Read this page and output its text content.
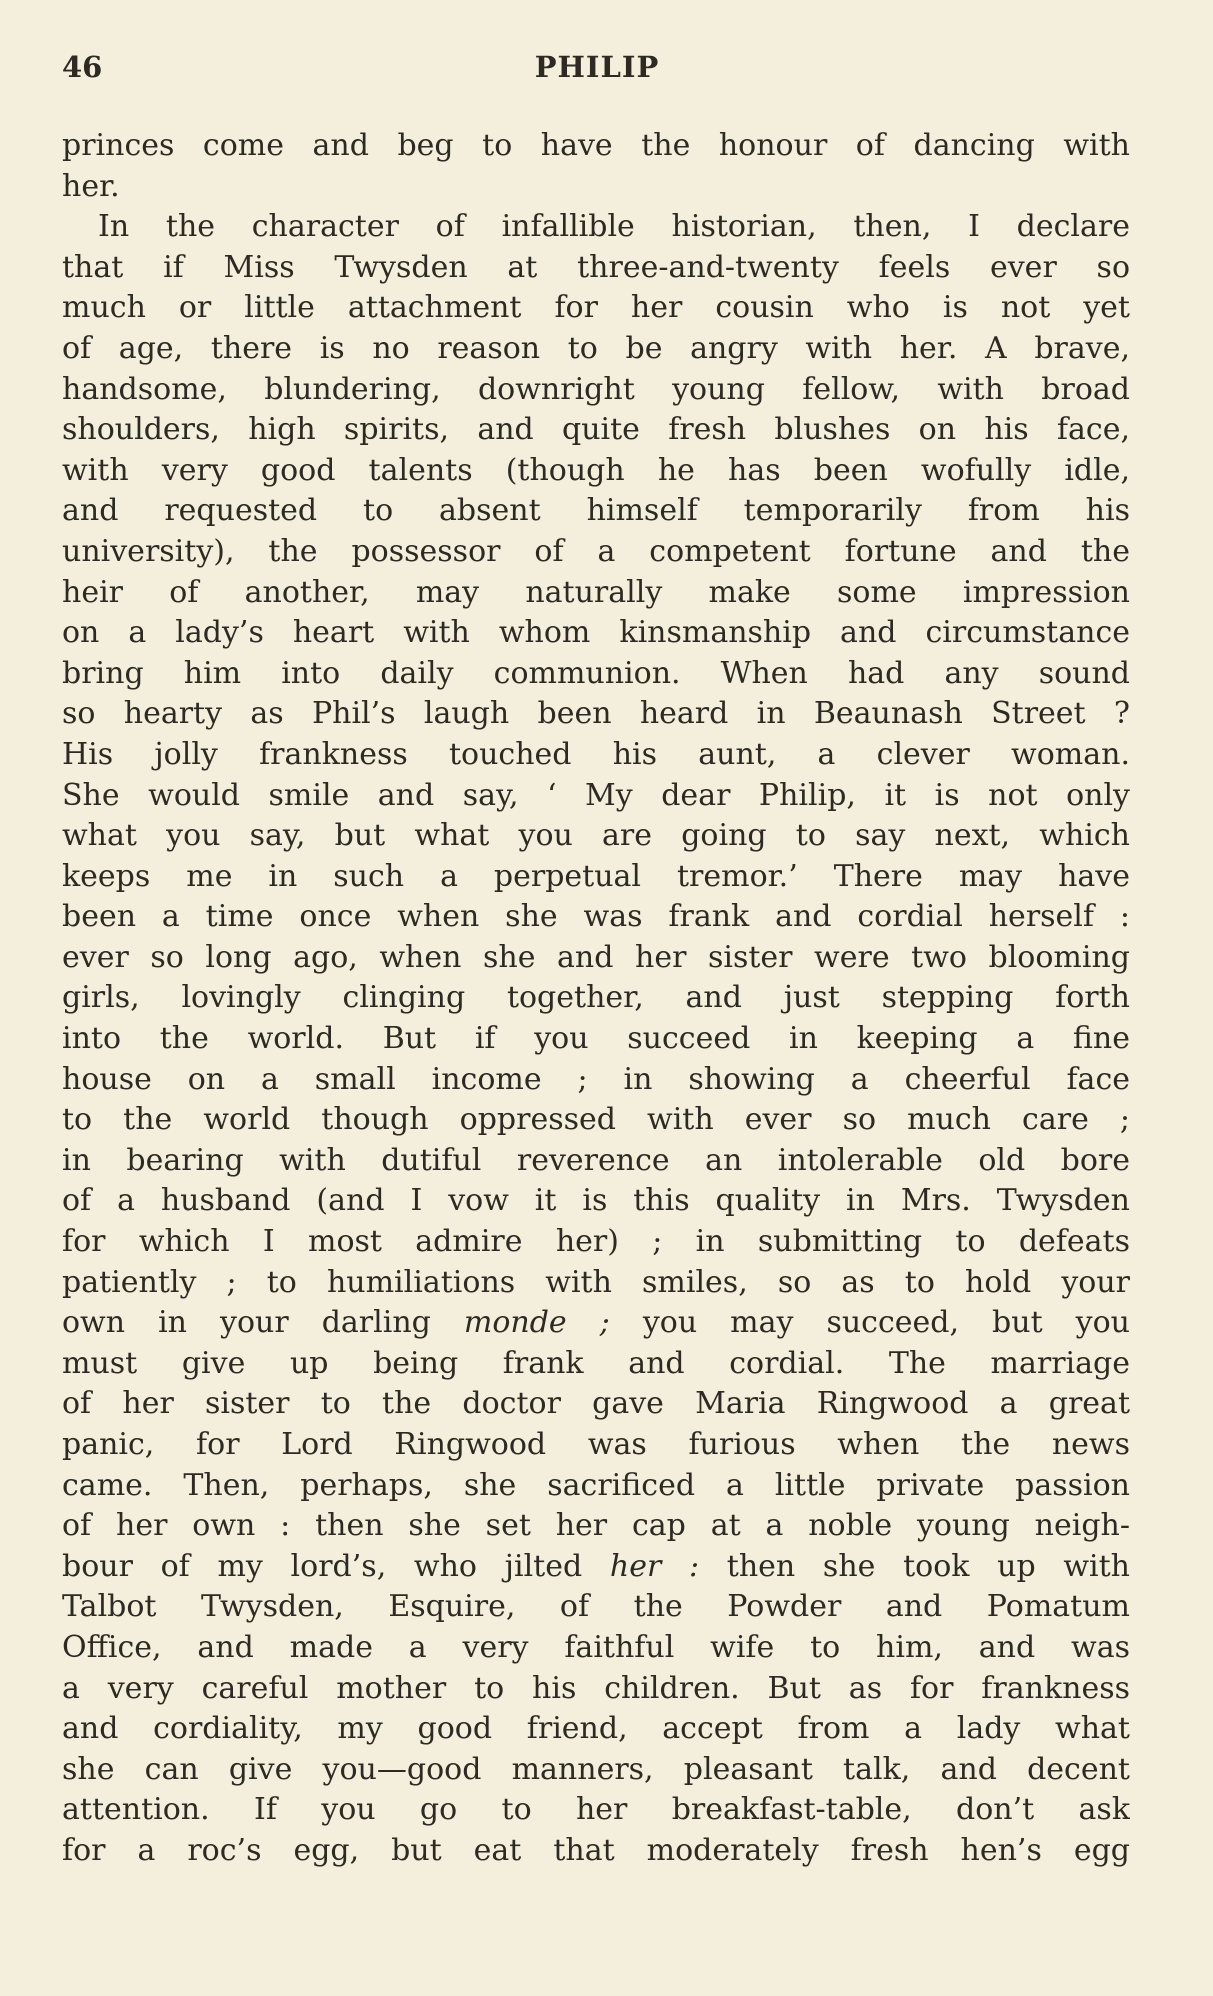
46	PHILIP
princes come and beg to have the honour of dancing with
her.
In the character of infallible historian, then, I declare
that if Miss Twysden at three-and-twenty feels ever so
much or little attachment for her cousin who is not yet
of age, there is no reason to be angry with her. A brave,
handsome, blundering, downright young fellow, with broad
shoulders, high spirits, and quite fresh blushes on his face,
with very good talents (though he has been wofully idle,
and requested to absent himself temporarily from his
university), the possessor of a competent fortune and the
heir of another, may naturally make some impression
on a lady’s heart with whom kinsmanship and circumstance
bring him into daily communion. When had any sound
so hearty as Phil’s laugh been heard in Beaunash Street ?
His jolly frankness touched his aunt, a clever woman.
She would smile and say, ‘ My dear Philip, it is not only
what you say, but what you are going to say next, which
keeps me in such a perpetual tremor.’ There may have
been a time once when she was frank and cordial herself :
ever so long ago, when she and her sister were two blooming
girls, lovingly clinging together, and just stepping forth
into the world. But if you succeed in keeping a fine
house on a small income ; in showing a cheerful face
to the world though oppressed with ever so much care ;
in bearing with dutiful reverence an intolerable old bore
of a husband (and I vow it is this quality in Mrs. Twysden
for which I most admire her) ; in submitting to defeats
patiently ; to humiliations with smiles, so as to hold your
own in your darling monde ; you may succeed, but you
must give up being frank and cordial. The marriage
of her sister to the doctor gave Maria Ringwood a great
panic, for Lord Ringwood was furious when the news
came. Then, perhaps, she sacrificed a little private passion
of her own : then she set her cap at a noble young neigh-
bour of my lord’s, who jilted her : then she took up with
Talbot Twysden, Esquire, of the Powder and Pomatum
Office, and made a very faithful wife to him, and was
a very careful mother to his children. But as for frankness
and cordiality, my good friend, accept from a lady what
she can give you—good manners, pleasant talk, and decent
attention. If you go to her breakfast-table, don’t ask
for a roc’s egg, but eat that moderately fresh hen’s egg
